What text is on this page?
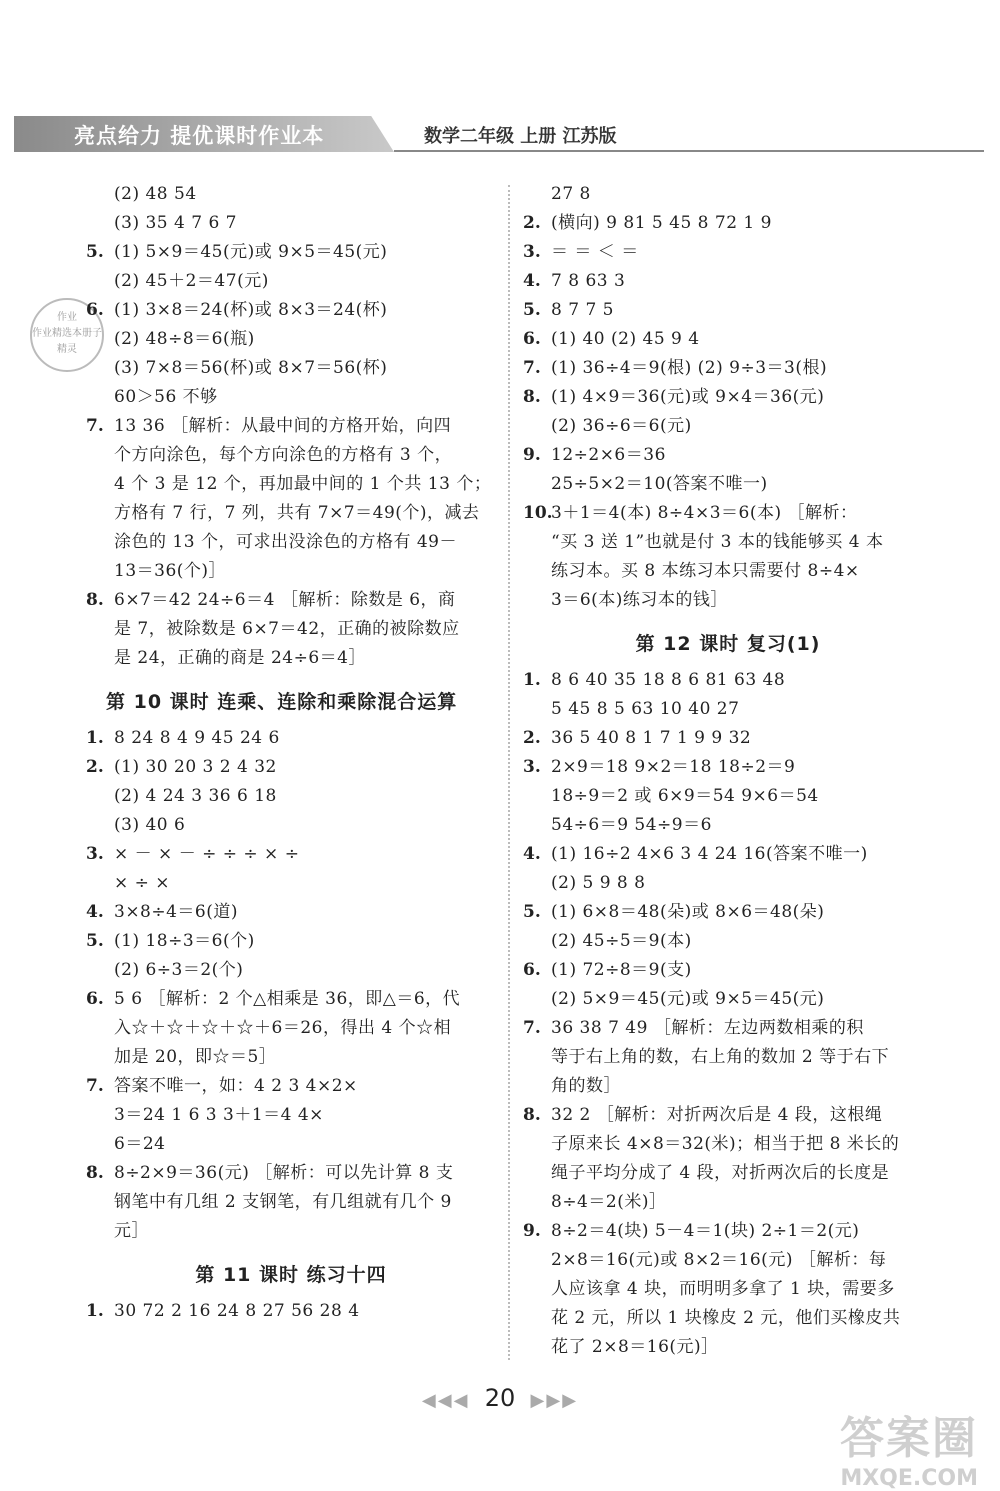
亮点给力 提优课时作业本	数学二年级 上册 江苏版
作业
作业精选本册子
精灵
(2) 48 54
(3) 35 4 7 6 7
5. (1) 5×9＝45(元)或 9×5＝45(元)
(2) 45＋2＝47(元)
6. (1) 3×8＝24(杯)或 8×3＝24(杯)
(2) 48÷8＝6(瓶)
(3) 7×8＝56(杯)或 8×7＝56(杯)
60＞56 不够
7. 13 36 ［解析：从最中间的方格开始，向四
个方向涂色，每个方向涂色的方格有 3 个，
4 个 3 是 12 个，再加最中间的 1 个共 13 个；
方格有 7 行，7 列，共有 7×7＝49(个)，减去
涂色的 13 个，可求出没涂色的方格有 49－
13＝36(个)］
8. 6×7＝42 24÷6＝4 ［解析：除数是 6，商
是 7，被除数是 6×7＝42，正确的被除数应
是 24，正确的商是 24÷6＝4］
第 10 课时 连乘、连除和乘除混合运算
1. 8 24 8 4 9 45 24 6
2. (1) 30 20 3 2 4 32
(2) 4 24 3 36 6 18
(3) 40 6
3. × － × － ÷ ÷ ÷ × ÷
× ÷ ×
4. 3×8÷4＝6(道)
5. (1) 18÷3＝6(个)
(2) 6÷3＝2(个)
6. 5 6 ［解析：2 个△相乘是 36，即△＝6，代
入☆＋☆＋☆＋☆＋6＝26，得出 4 个☆相
加是 20，即☆＝5］
7. 答案不唯一，如：4 2 3 4×2×
3＝24 1 6 3 3＋1＝4 4×
6＝24
8. 8÷2×9＝36(元) ［解析：可以先计算 8 支
钢笔中有几组 2 支钢笔，有几组就有几个 9
元］
第 11 课时 练习十四
1. 30 72 2 16 24 8 27 56 28 4
27 8
2. (横向) 9 81 5 45 8 72 1 9
3. ＝ ＝ ＜ ＝
4. 7 8 63 3
5. 8 7 7 5
6. (1) 40 (2) 45 9 4
7. (1) 36÷4＝9(根) (2) 9÷3＝3(根)
8. (1) 4×9＝36(元)或 9×4＝36(元)
(2) 36÷6＝6(元)
9. 12÷2×6＝36
25÷5×2＝10(答案不唯一)
10.
3＋1＝4(本) 8÷4×3＝6(本) ［解析：
“买 3 送 1”也就是付 3 本的钱能够买 4 本
练习本。买 8 本练习本只需要付 8÷4×
3＝6(本)练习本的钱］
第 12 课时 复习(1)
1. 8 6 40 35 18 8 6 81 63 48
5 45 8 5 63 10 40 27
2. 36 5 40 8 1 7 1 9 9 32
3. 2×9＝18 9×2＝18 18÷2＝9
18÷9＝2 或 6×9＝54 9×6＝54
54÷6＝9 54÷9＝6
4. (1) 16÷2 4×6 3 4 24 16(答案不唯一)
(2) 5 9 8 8
5. (1) 6×8＝48(朵)或 8×6＝48(朵)
(2) 45÷5＝9(本)
6. (1) 72÷8＝9(支)
(2) 5×9＝45(元)或 9×5＝45(元)
7. 36 38 7 49 ［解析：左边两数相乘的积
等于右上角的数，右上角的数加 2 等于右下
角的数］
8. 32 2 ［解析：对折两次后是 4 段，这根绳
子原来长 4×8＝32(米)；相当于把 8 米长的
绳子平均分成了 4 段，对折两次后的长度是
8÷4＝2(米)］
9. 8÷2＝4(块) 5－4＝1(块) 2÷1＝2(元)
2×8＝16(元)或 8×2＝16(元) ［解析：每
人应该拿 4 块，而明明多拿了 1 块，需要多
花 2 元，所以 1 块橡皮 2 元，他们买橡皮共
花了 2×8＝16(元)］
◀◀◀ 20 ▶▶▶
答案圈
MXQE.COM
